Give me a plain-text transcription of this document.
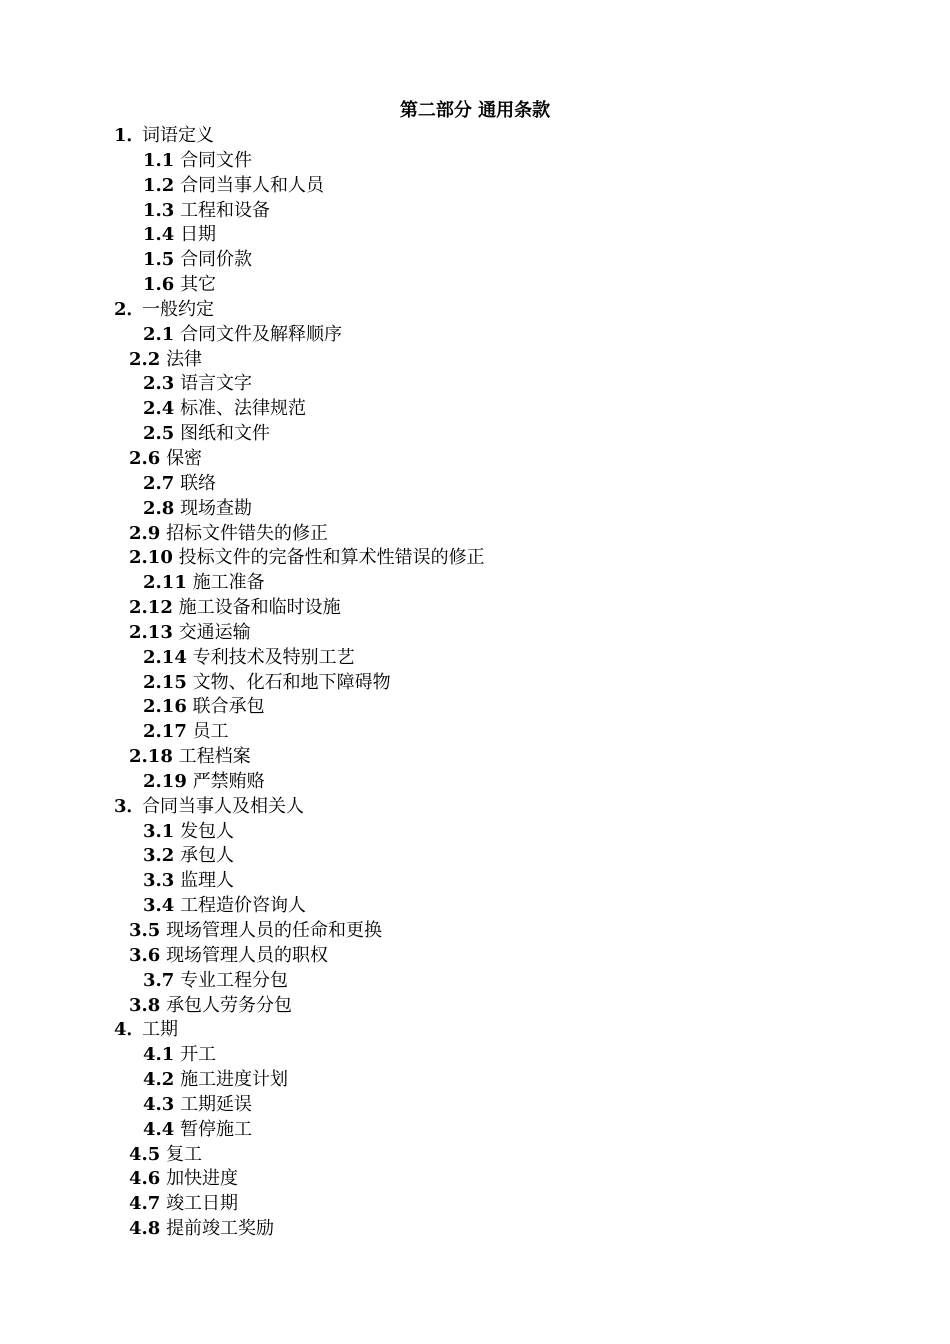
第二部分 通用条款
1．词语定义
1.1 合同文件
1.2 合同当事人和人员
1.3 工程和设备
1.4 日期
1.5 合同价款
1.6 其它
2．一般约定
2.1 合同文件及解释顺序
2.2 法律
2.3 语言文字
2.4 标准、法律规范
2.5 图纸和文件
2.6 保密
2.7 联络
2.8 现场查勘
2.9 招标文件错失的修正
2.10 投标文件的完备性和算术性错误的修正
2.11 施工准备
2.12 施工设备和临时设施
2.13 交通运输
2.14 专利技术及特别工艺
2.15 文物、化石和地下障碍物
2.16 联合承包
2.17 员工
2.18 工程档案
2.19 严禁贿赂
3．合同当事人及相关人
3.1 发包人
3.2 承包人
3.3 监理人
3.4 工程造价咨询人
3.5 现场管理人员的任命和更换
3.6 现场管理人员的职权
3.7 专业工程分包
3.8 承包人劳务分包
4．工期
4.1 开工
4.2 施工进度计划
4.3 工期延误
4.4 暂停施工
4.5 复工
4.6 加快进度
4.7 竣工日期
4.8 提前竣工奖励
